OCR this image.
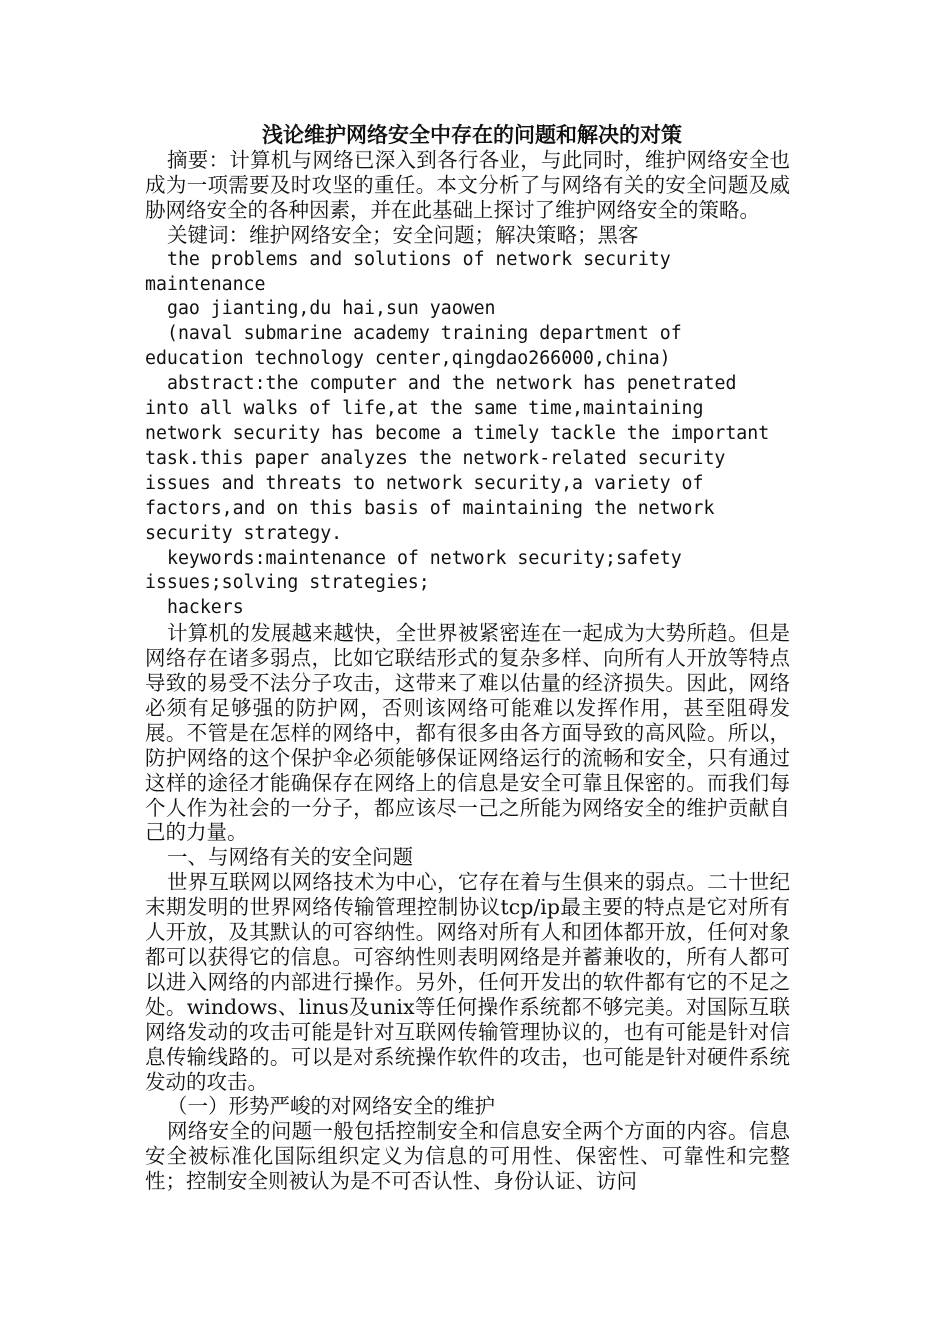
浅论维护网络安全中存在的问题和解决的对策

摘要：计算机与网络已深入到各行各业，与此同时，维护网络安全也成为一项需要及时攻坚的重任。本文分析了与网络有关的安全问题及威胁网络安全的各种因素，并在此基础上探讨了维护网络安全的策略。

关键词：维护网络安全；安全问题；解决策略；黑客

the problems and solutions of network security maintenance

gao jianting,du hai,sun yaowen

(naval submarine academy training department of education technology center,qingdao266000,china)

abstract:the computer and the network has penetrated into all walks of life,at the same time,maintaining network security has become a timely tackle the important task.this paper analyzes the network-related security issues and threats to network security,a variety of factors,and on this basis of maintaining the network security strategy.

keywords:maintenance of network security;safety issues;solving strategies;

hackers

计算机的发展越来越快，全世界被紧密连在一起成为大势所趋。但是网络存在诸多弱点，比如它联结形式的复杂多样、向所有人开放等特点导致的易受不法分子攻击，这带来了难以估量的经济损失。因此，网络必须有足够强的防护网，否则该网络可能难以发挥作用，甚至阻碍发展。不管是在怎样的网络中，都有很多由各方面导致的高风险。所以，防护网络的这个保护伞必须能够保证网络运行的流畅和安全，只有通过这样的途径才能确保存在网络上的信息是安全可靠且保密的。而我们每个人作为社会的一分子，都应该尽一己之所能为网络安全的维护贡献自己的力量。

一、与网络有关的安全问题

世界互联网以网络技术为中心，它存在着与生俱来的弱点。二十世纪末期发明的世界网络传输管理控制协议tcp/ip最主要的特点是它对所有人开放，及其默认的可容纳性。网络对所有人和团体都开放，任何对象都可以获得它的信息。可容纳性则表明网络是并蓄兼收的，所有人都可以进入网络的内部进行操作。另外，任何开发出的软件都有它的不足之处。windows、linus及unix等任何操作系统都不够完美。对国际互联网络发动的攻击可能是针对互联网传输管理协议的，也有可能是针对信息传输线路的。可以是对系统操作软件的攻击，也可能是针对硬件系统发动的攻击。

（一）形势严峻的对网络安全的维护

网络安全的问题一般包括控制安全和信息安全两个方面的内容。信息安全被标准化国际组织定义为信息的可用性、保密性、可靠性和完整性；控制安全则被认为是不可否认性、身份认证、访问
